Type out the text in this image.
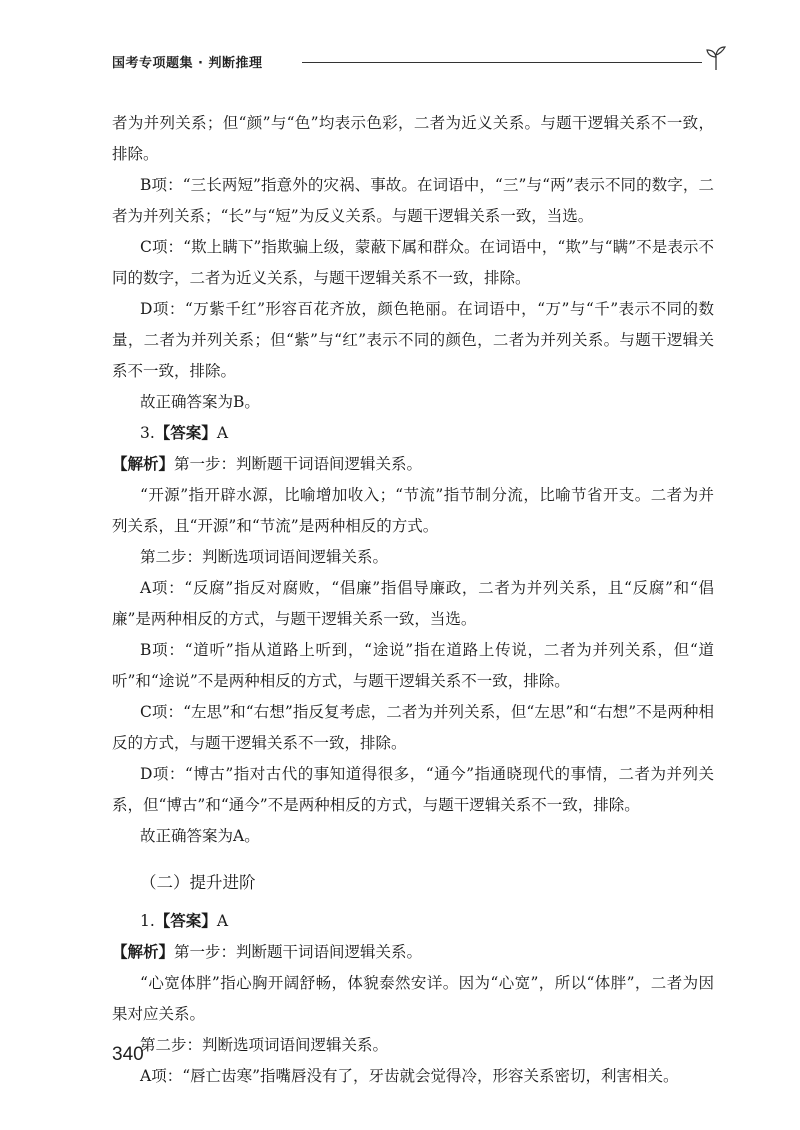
国考专项题集 · 判断推理

者为并列关系；但“颜”与“色”均表示色彩，二者为近义关系。与题干逻辑关系不一致，排除。

B项：“三长两短”指意外的灾祸、事故。在词语中，“三”与“两”表示不同的数字，二者为并列关系；“长”与“短”为反义关系。与题干逻辑关系一致，当选。

C项：“欺上瞒下”指欺骗上级，蒙蔽下属和群众。在词语中，“欺”与“瞒”不是表示不同的数字，二者为近义关系，与题干逻辑关系不一致，排除。

D项：“万紫千红”形容百花齐放，颜色艳丽。在词语中，“万”与“千”表示不同的数量，二者为并列关系；但“紫”与“红”表示不同的颜色，二者为并列关系。与题干逻辑关系不一致，排除。

故正确答案为B。

3.【答案】A

【解析】第一步：判断题干词语间逻辑关系。

“开源”指开辟水源，比喻增加收入；“节流”指节制分流，比喻节省开支。二者为并列关系，且“开源”和“节流”是两种相反的方式。

第二步：判断选项词语间逻辑关系。

A项：“反腐”指反对腐败，“倡廉”指倡导廉政，二者为并列关系，且“反腐”和“倡廉”是两种相反的方式，与题干逻辑关系一致，当选。

B项：“道听”指从道路上听到，“途说”指在道路上传说，二者为并列关系，但“道听”和“途说”不是两种相反的方式，与题干逻辑关系不一致，排除。

C项：“左思”和“右想”指反复考虑，二者为并列关系，但“左思”和“右想”不是两种相反的方式，与题干逻辑关系不一致，排除。

D项：“博古”指对古代的事知道得很多，“通今”指通晓现代的事情，二者为并列关系，但“博古”和“通今”不是两种相反的方式，与题干逻辑关系不一致，排除。

故正确答案为A。

（二）提升进阶

1.【答案】A

【解析】第一步：判断题干词语间逻辑关系。

“心宽体胖”指心胸开阔舒畅，体貌泰然安详。因为“心宽”，所以“体胖”，二者为因果对应关系。

第二步：判断选项词语间逻辑关系。

A项：“唇亡齿寒”指嘴唇没有了，牙齿就会觉得冷，形容关系密切，利害相关。

340
